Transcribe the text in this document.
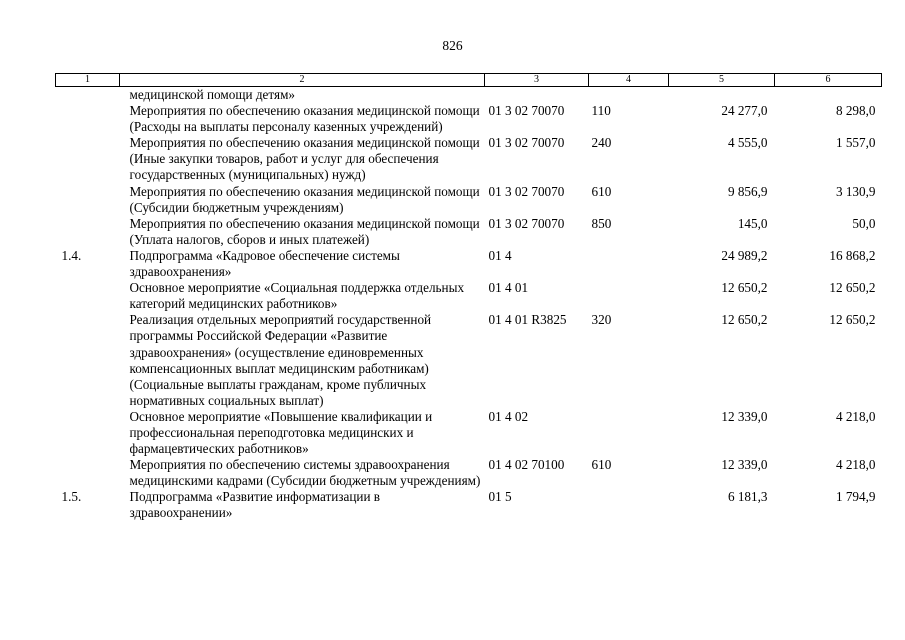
826
1	2	3	4	5	6
	медицинской помощи детям»				
	Мероприятия по обеспечению оказания медицинской помощи (Расходы на выплаты персоналу казенных учреждений)	01 3 02 70070	110	24 277,0	8 298,0
	Мероприятия по обеспечению оказания медицинской помощи (Иные закупки товаров, работ и услуг для обеспечения государственных (муниципальных) нужд)	01 3 02 70070	240	4 555,0	1 557,0
	Мероприятия по обеспечению оказания медицинской помощи (Субсидии бюджетным учреждениям)	01 3 02 70070	610	9 856,9	3 130,9
	Мероприятия по обеспечению оказания медицинской помощи (Уплата налогов, сборов и иных платежей)	01 3 02 70070	850	145,0	50,0
1.4.	Подпрограмма «Кадровое обеспечение системы здравоохранения»	01 4		24 989,2	16 868,2
	Основное мероприятие «Социальная поддержка отдельных категорий медицинских работников»	01 4 01		12 650,2	12 650,2
	Реализация отдельных мероприятий государственной программы Российской Федерации «Развитие здравоохранения» (осуществление единовременных компенсационных выплат медицинским работникам) (Социальные выплаты гражданам, кроме публичных нормативных социальных выплат)	01 4 01 R3825	320	12 650,2	12 650,2
	Основное мероприятие «Повышение квалификации и профессиональная переподготовка медицинских и фармацевтических работников»	01 4 02		12 339,0	4 218,0
	Мероприятия по обеспечению системы здравоохранения медицинскими кадрами (Субсидии бюджетным учреждениям)	01 4 02 70100	610	12 339,0	4 218,0
1.5.	Подпрограмма «Развитие информатизации в здравоохранении»	01 5		6 181,3	1 794,9
